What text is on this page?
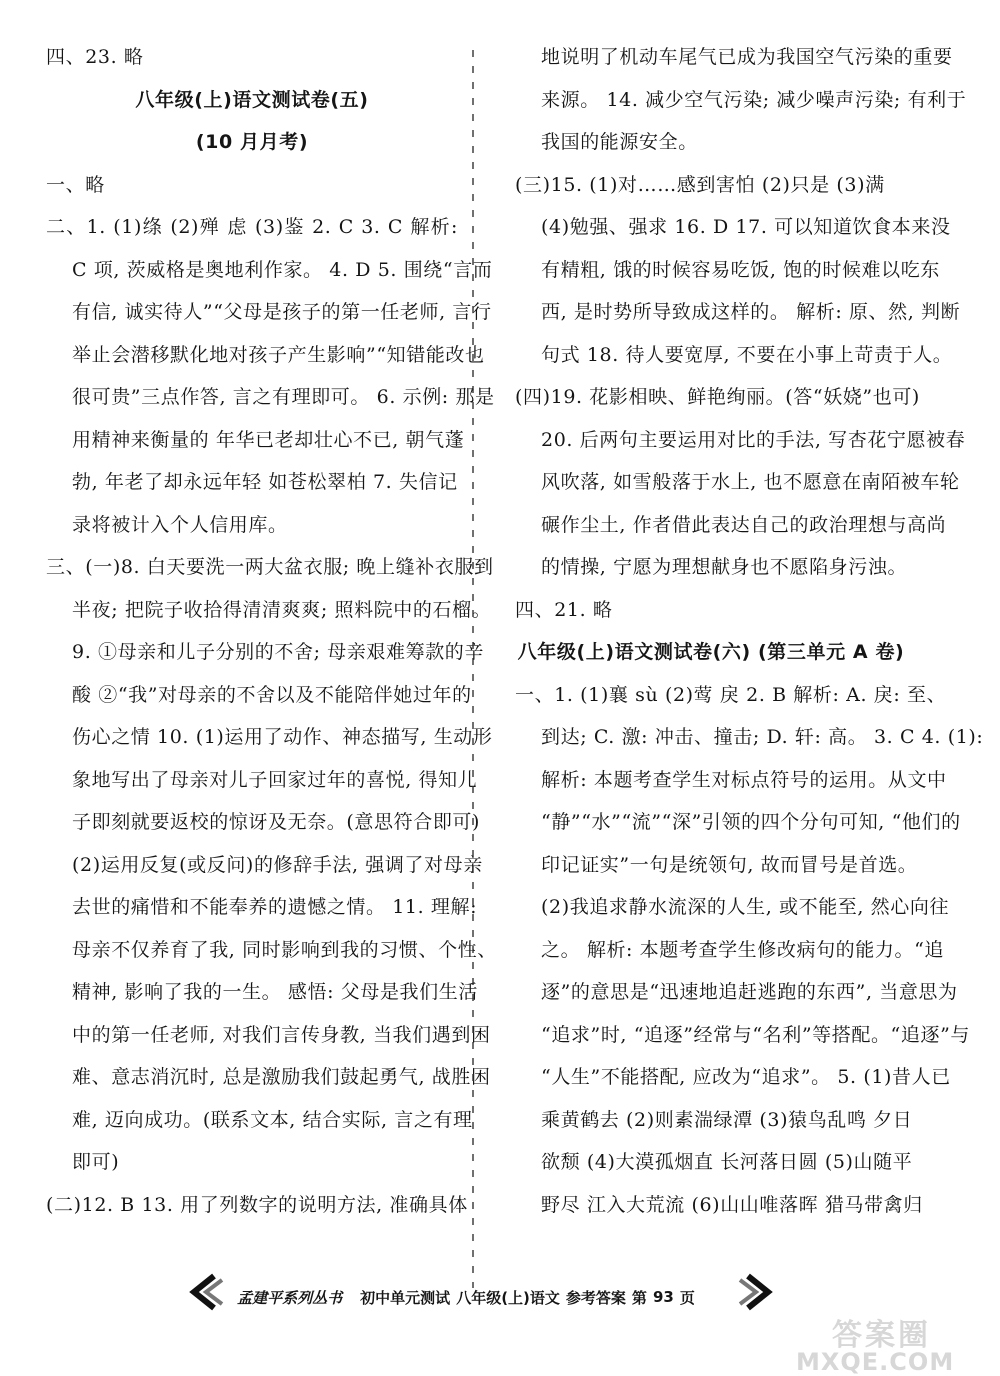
四、23. 略
八年级(上)语文测试卷(五)
(10 月月考)
一、略
二、1. (1)绦 (2)殚 虑 (3)鉴 2. C 3. C 解析:
C 项, 茨威格是奥地利作家。 4. D 5. 围绕“言而
有信, 诚实待人”“父母是孩子的第一任老师, 言行
举止会潜移默化地对孩子产生影响”“知错能改也
很可贵”三点作答, 言之有理即可。 6. 示例: 那是
用精神来衡量的 年华已老却壮心不已, 朝气蓬
勃, 年老了却永远年轻 如苍松翠柏 7. 失信记
录将被计入个人信用库。
三、(一)8. 白天要洗一两大盆衣服; 晚上缝补衣服到
半夜; 把院子收拾得清清爽爽; 照料院中的石榴。
9. ①母亲和儿子分别的不舍; 母亲艰难筹款的辛
酸 ②“我”对母亲的不舍以及不能陪伴她过年的
伤心之情 10. (1)运用了动作、神态描写, 生动形
象地写出了母亲对儿子回家过年的喜悦, 得知儿
子即刻就要返校的惊讶及无奈。(意思符合即可)
(2)运用反复(或反问)的修辞手法, 强调了对母亲
去世的痛惜和不能奉养的遗憾之情。 11. 理解:
母亲不仅养育了我, 同时影响到我的习惯、个性、
精神, 影响了我的一生。 感悟: 父母是我们生活
中的第一任老师, 对我们言传身教, 当我们遇到困
难、意志消沉时, 总是激励我们鼓起勇气, 战胜困
难, 迈向成功。(联系文本, 结合实际, 言之有理
即可)
(二)12. B 13. 用了列数字的说明方法, 准确具体
地说明了机动车尾气已成为我国空气污染的重要
来源。 14. 减少空气污染; 减少噪声污染; 有利于
我国的能源安全。
(三)15. (1)对……感到害怕 (2)只是 (3)满
(4)勉强、强求 16. D 17. 可以知道饮食本来没
有精粗, 饿的时候容易吃饭, 饱的时候难以吃东
西, 是时势所导致成这样的。 解析: 原、然, 判断
句式 18. 待人要宽厚, 不要在小事上苛责于人。
(四)19. 花影相映、鲜艳绚丽。(答“妖娆”也可)
20. 后两句主要运用对比的手法, 写杏花宁愿被春
风吹落, 如雪般落于水上, 也不愿意在南陌被车轮
碾作尘土, 作者借此表达自己的政治理想与高尚
的情操, 宁愿为理想献身也不愿陷身污浊。
四、21. 略
八年级(上)语文测试卷(六) (第三单元 A 卷)
一、1. (1)襄 sù (2)莺 戾 2. B 解析: A. 戾: 至、
到达; C. 激: 冲击、撞击; D. 轩: 高。 3. C 4. (1):
解析: 本题考查学生对标点符号的运用。从文中
“静”“水”“流”“深”引领的四个分句可知, “他们的
印记证实”一句是统领句, 故而冒号是首选。
(2)我追求静水流深的人生, 或不能至, 然心向往
之。 解析: 本题考查学生修改病句的能力。“追
逐”的意思是“迅速地追赶逃跑的东西”, 当意思为
“追求”时, “追逐”经常与“名利”等搭配。“追逐”与
“人生”不能搭配, 应改为“追求”。 5. (1)昔人已
乘黄鹤去 (2)则素湍绿潭 (3)猿鸟乱鸣 夕日
欲颓 (4)大漠孤烟直 长河落日圆 (5)山随平
野尽 江入大荒流 (6)山山唯落晖 猎马带禽归
孟建平系列丛书 初中单元测试 八年级(上)语文 参考答案 第 93 页
答案圈
MXQE.COM
